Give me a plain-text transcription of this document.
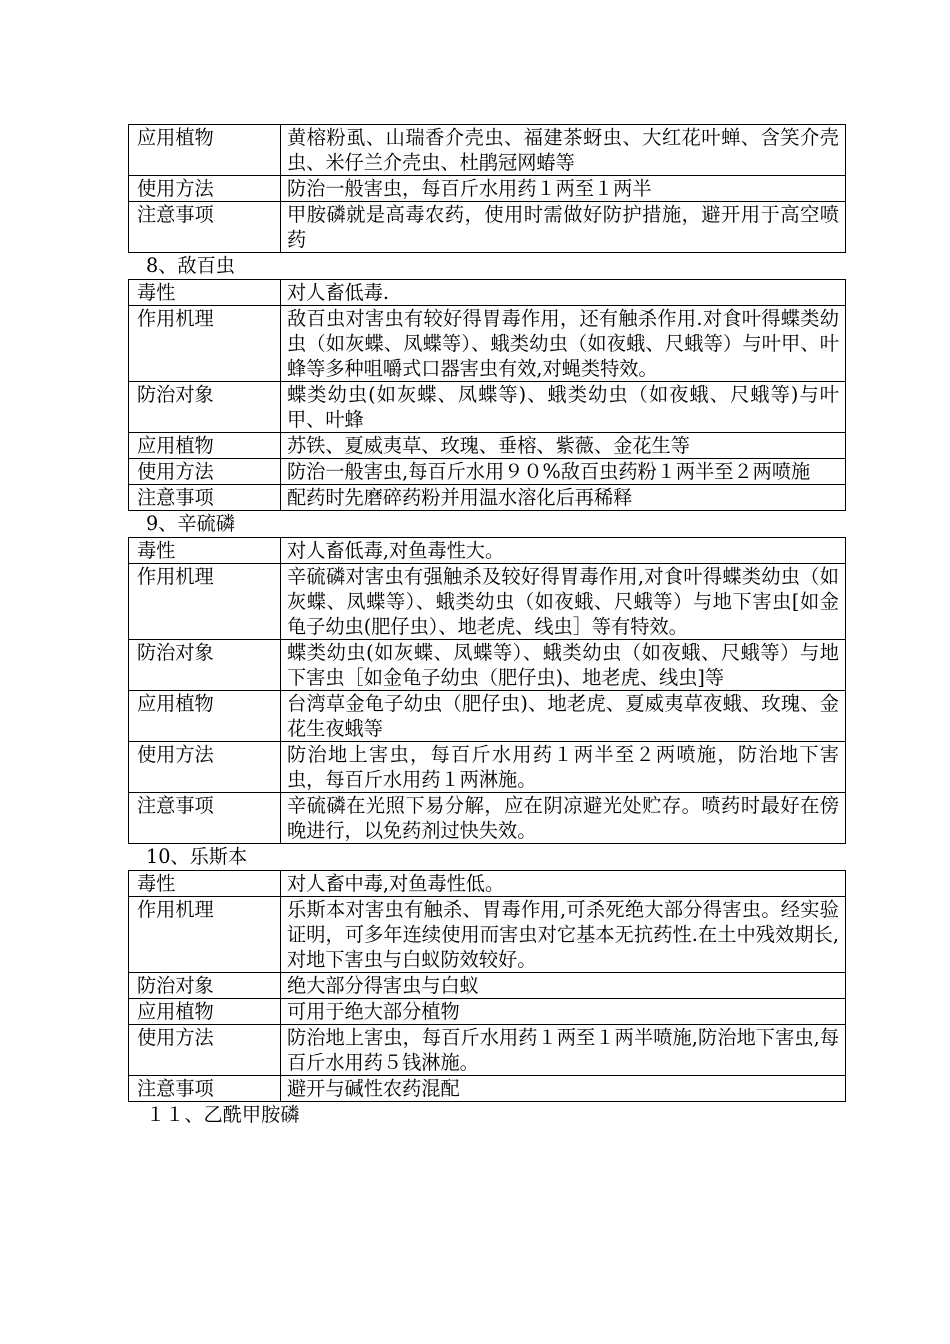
应用植物	黄榕粉虱、山瑞香介壳虫、福建茶蚜虫、大红花叶蝉、含笑介壳虫、米仔兰介壳虫、杜鹃冠网蝽等
使用方法	防治一般害虫，每百斤水用药１两至１两半
注意事项	甲胺磷就是高毒农药，使用时需做好防护措施，避开用于高空喷药
8、敌百虫
毒性	对人畜低毒.
作用机理	敌百虫对害虫有较好得胃毒作用，还有触杀作用.对食叶得蝶类幼虫（如灰蝶、凤蝶等）、蛾类幼虫（如夜蛾、尺蛾等）与叶甲、叶蜂等多种咀嚼式口器害虫有效,对蝇类特效。
防治对象	蝶类幼虫(如灰蝶、凤蝶等)、蛾类幼虫（如夜蛾、尺蛾等)与叶甲、叶蜂
应用植物	苏铁、夏威夷草、玫瑰、垂榕、紫薇、金花生等
使用方法	防治一般害虫,每百斤水用９０%敌百虫药粉１两半至２两喷施
注意事项	配药时先磨碎药粉并用温水溶化后再稀释
9、辛硫磷
毒性	对人畜低毒,对鱼毒性大。
作用机理	辛硫磷对害虫有强触杀及较好得胃毒作用,对食叶得蝶类幼虫（如灰蝶、凤蝶等）、蛾类幼虫（如夜蛾、尺蛾等）与地下害虫[如金龟子幼虫(肥仔虫）、地老虎、线虫］等有特效。
防治对象	蝶类幼虫(如灰蝶、凤蝶等）、蛾类幼虫（如夜蛾、尺蛾等）与地下害虫［如金龟子幼虫（肥仔虫)、地老虎、线虫]等
应用植物	台湾草金龟子幼虫（肥仔虫)、地老虎、夏威夷草夜蛾、玫瑰、金花生夜蛾等
使用方法	防治地上害虫，每百斤水用药１两半至２两喷施，防治地下害虫，每百斤水用药１两淋施。
注意事项	辛硫磷在光照下易分解，应在阴凉避光处贮存。喷药时最好在傍晚进行，以免药剂过快失效。
10、乐斯本
毒性	对人畜中毒,对鱼毒性低。
作用机理	乐斯本对害虫有触杀、胃毒作用,可杀死绝大部分得害虫。经实验证明，可多年连续使用而害虫对它基本无抗药性.在土中残效期长,对地下害虫与白蚁防效较好。
防治对象	绝大部分得害虫与白蚁
应用植物	可用于绝大部分植物
使用方法	防治地上害虫，每百斤水用药１两至１两半喷施,防治地下害虫,每百斤水用药５钱淋施。
注意事项	避开与碱性农药混配
１１、乙酰甲胺磷
